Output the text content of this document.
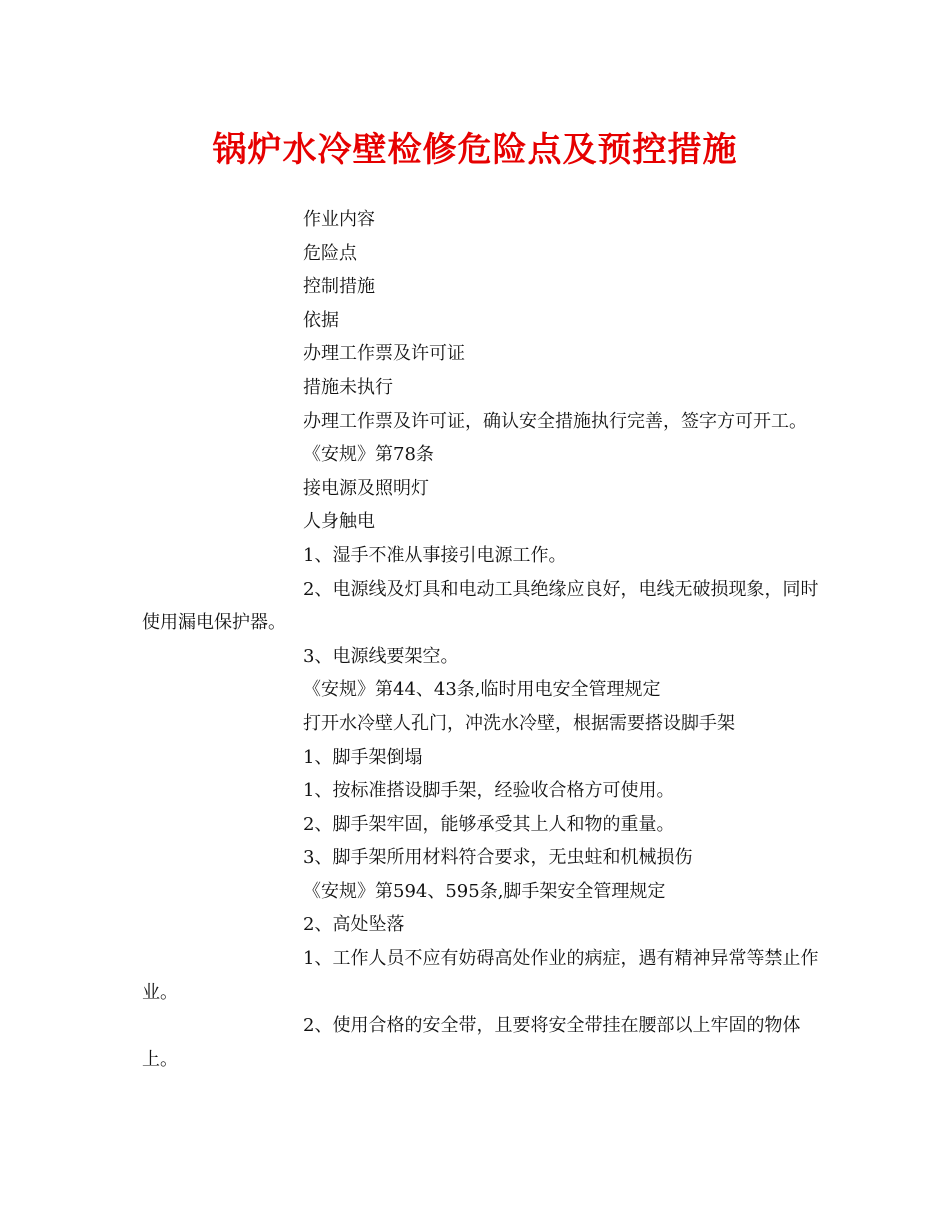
锅炉水冷壁检修危险点及预控措施

作业内容

危险点

控制措施

依据

办理工作票及许可证

措施未执行

办理工作票及许可证，确认安全措施执行完善，签字方可开工。

《安规》第78条

接电源及照明灯

人身触电

1、湿手不准从事接引电源工作。

2、电源线及灯具和电动工具绝缘应良好，电线无破损现象，同时使用漏电保护器。

3、电源线要架空。

《安规》第44、43条,临时用电安全管理规定

打开水冷壁人孔门，冲洗水冷壁，根据需要搭设脚手架

1、脚手架倒塌

1、按标准搭设脚手架，经验收合格方可使用。

2、脚手架牢固，能够承受其上人和物的重量。

3、脚手架所用材料符合要求，无虫蛀和机械损伤

《安规》第594、595条,脚手架安全管理规定

2、高处坠落

1、工作人员不应有妨碍高处作业的病症，遇有精神异常等禁止作业。

2、使用合格的安全带，且要将安全带挂在腰部以上牢固的物体上。
